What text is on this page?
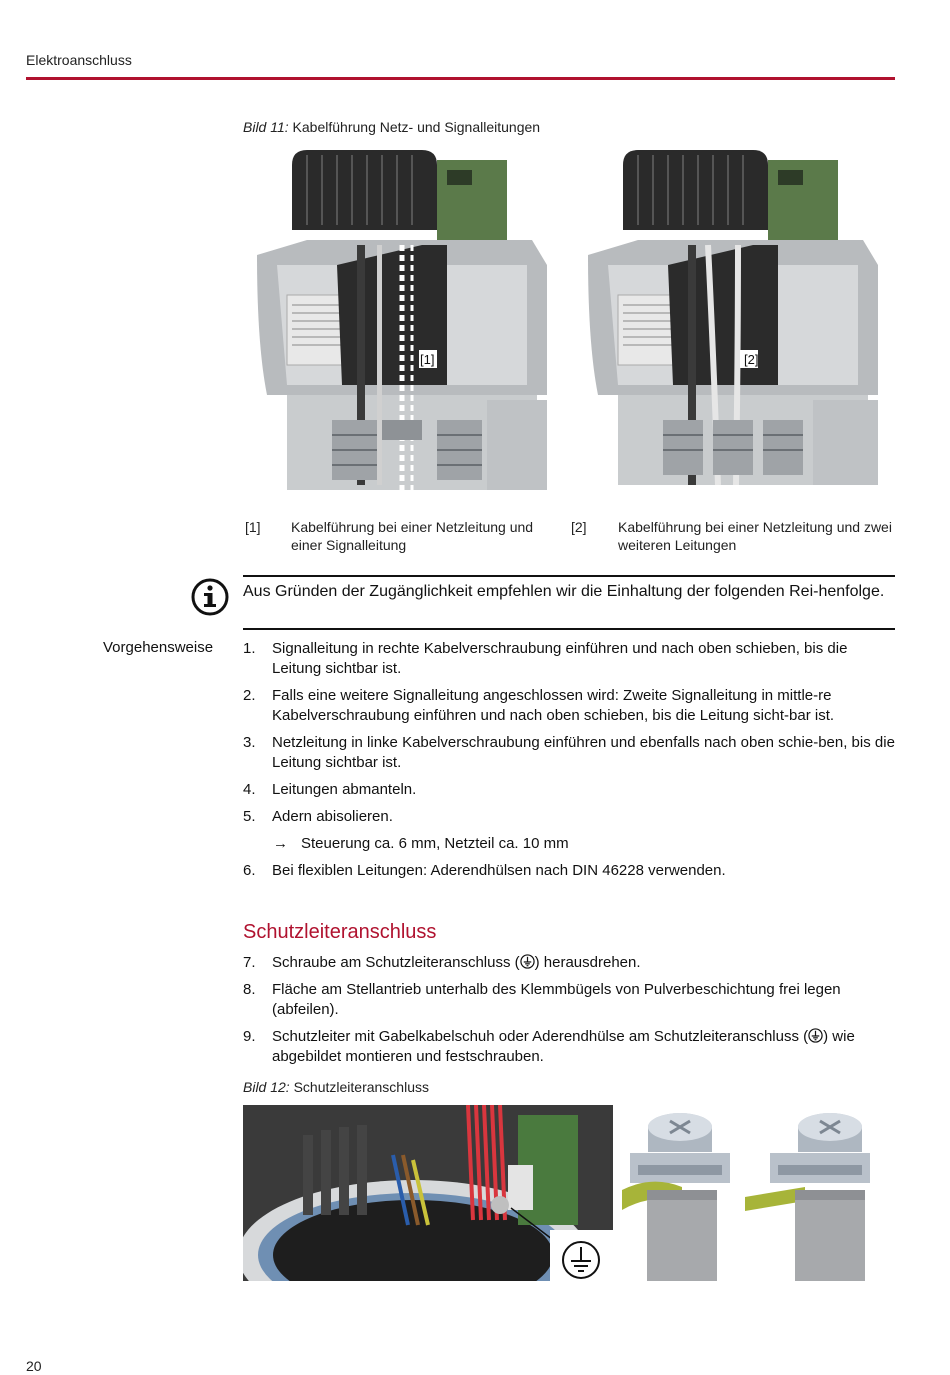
Elektroanschluss
Bild 11: Kabelführung Netz- und Signalleitungen
[1]	[2]
[1] Kabelführung bei einer Netzleitung und einer Signalleitung
[2] Kabelführung bei einer Netzleitung und zwei weiteren Leitungen
Aus Gründen der Zugänglichkeit empfehlen wir die Einhaltung der folgenden Rei-henfolge.
Vorgehensweise 1. Signalleitung in rechte Kabelverschraubung einführen und nach oben schieben, bis die Leitung sichtbar ist.
2. Falls eine weitere Signalleitung angeschlossen wird: Zweite Signalleitung in mittle-re Kabelverschraubung einführen und nach oben schieben, bis die Leitung sicht-bar ist.
3. Netzleitung in linke Kabelverschraubung einführen und ebenfalls nach oben schie-ben, bis die Leitung sichtbar ist.
4. Leitungen abmanteln.
5. Adern abisolieren.
→ Steuerung ca. 6 mm, Netzteil ca. 10 mm
6. Bei flexiblen Leitungen: Aderendhülsen nach DIN 46228 verwenden.
Schutzleiteranschluss
7. Schraube am Schutzleiteranschluss ( ) herausdrehen.
8. Fläche am Stellantrieb unterhalb des Klemmbügels von Pulverbeschichtung frei legen (abfeilen).
9. Schutzleiter mit Gabelkabelschuh oder Aderendhülse am Schutzleiteranschluss ( ) wie abgebildet montieren und festschrauben.
Bild 12: Schutzleiteranschluss
20
